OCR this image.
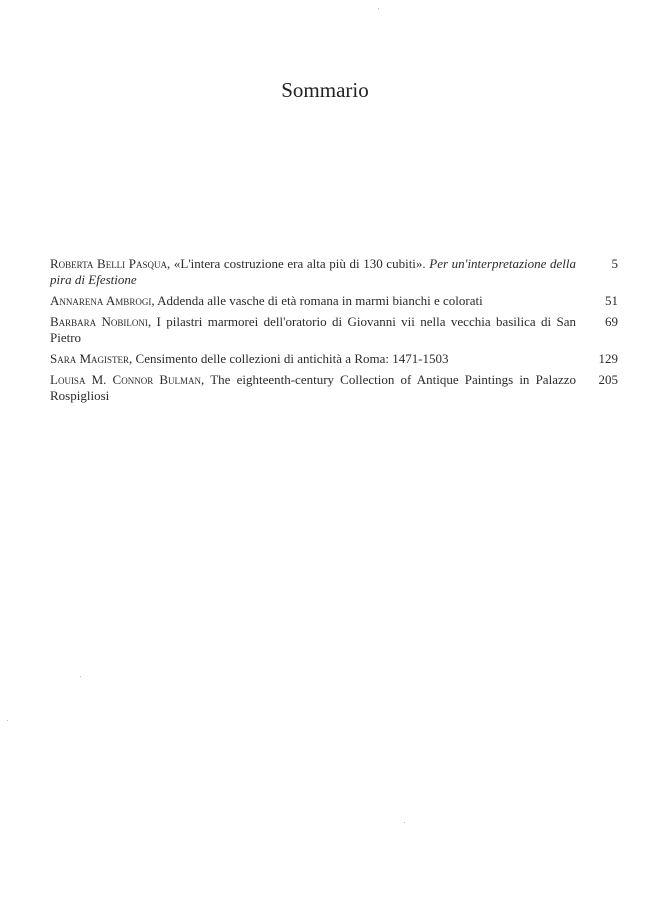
Sommario
Roberta Belli Pasqua, «L'intera costruzione era alta più di 130 cubiti». Per un'interpretazione della pira di Efestione
5
Annarena Ambrogi, Addenda alle vasche di età romana in marmi bianchi e colorati	51
Barbara Nobiloni, I pilastri marmorei dell'oratorio di Giovanni vii nella vecchia basilica di San Pietro
69
Sara Magister, Censimento delle collezioni di antichità a Roma: 1471-1503	129
Louisa M. Connor Bulman, The eighteenth-century Collection of Antique Paintings in Palazzo Rospigliosi
205
